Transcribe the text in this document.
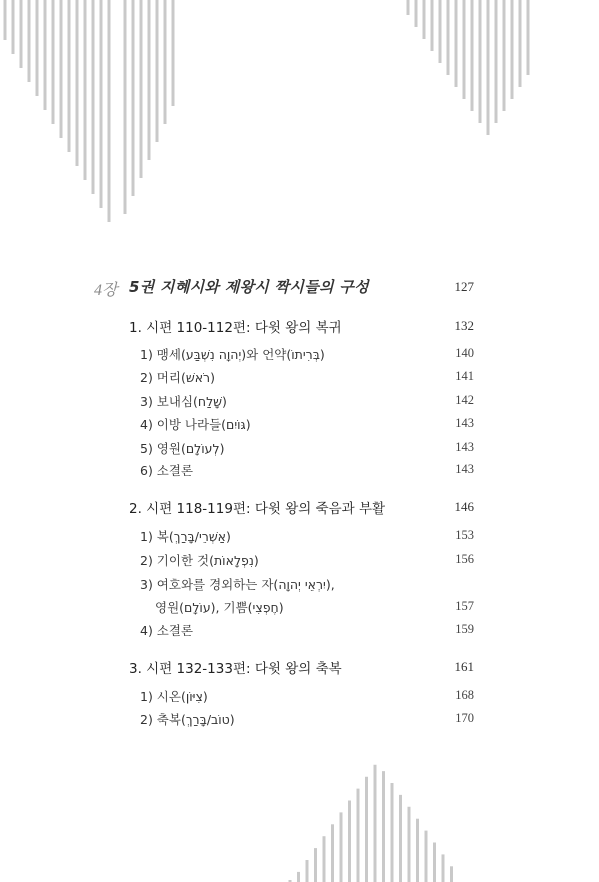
4장 5권 지혜시와 제왕시 짝시들의 구성	127
1. 시편 110-112편: 다윗 왕의 복귀	132
1) 맹세(יְהוָה נִשְׁבַּע)와 언약(בְּרִיתוֹ)	140
2) 머리(רֹאשׁ)	141
3) 보내심(שָׁלַח)	142
4) 이방 나라들(גּוֹיִם)	143
5) 영원(לְעוֹלָם)	143
6) 소결론	143
2. 시편 118-119편: 다윗 왕의 죽음과 부활	146
1) 복(אַשְׁרֵי/בָּרַךְ)	153
2) 기이한 것(נִפְלָאוֹת)	156
3) 여호와를 경외하는 자(יִרְאֵי יְהוָה),
영원(עוֹלָם), 기쁨(חֶפְצִי)	157
4) 소결론	159
3. 시편 132-133편: 다윗 왕의 축복	161
1) 시온(צִיּוֹן)	168
2) 축복(טוֹב/בָּרַךְ)	170
